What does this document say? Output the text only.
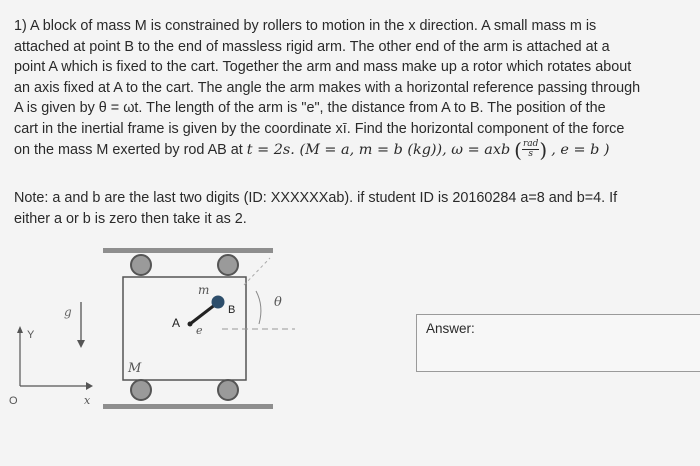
1) A block of mass M is constrained by rollers to motion in the x direction. A small mass m is
attached at point B to the end of massless rigid arm. The other end of the arm is attached at a
point A which is fixed to the cart. Together the arm and mass make up a rotor which rotates about
an axis fixed at A to the cart. The angle the arm makes with a horizontal reference passing through
A is given by θ = ωt. The length of the arm is "e", the distance from A to B. The position of the
cart in the inertial frame is given by the coordinate xī. Find the horizontal component of the force
on the mass M exerted by rod AB at t = 2s. (M = a, m = b (kg)), ω = axb ( $\frac{\text{rad}}{s}$ ) , e = b )
Note: a and b are the last two digits (ID: XXXXXXab). if student ID is 20160284 a=8 and b=4. If
either a or b is zero then take it as 2.
m
B
A
e
θ
g
M
Y
O	x
Answer:
